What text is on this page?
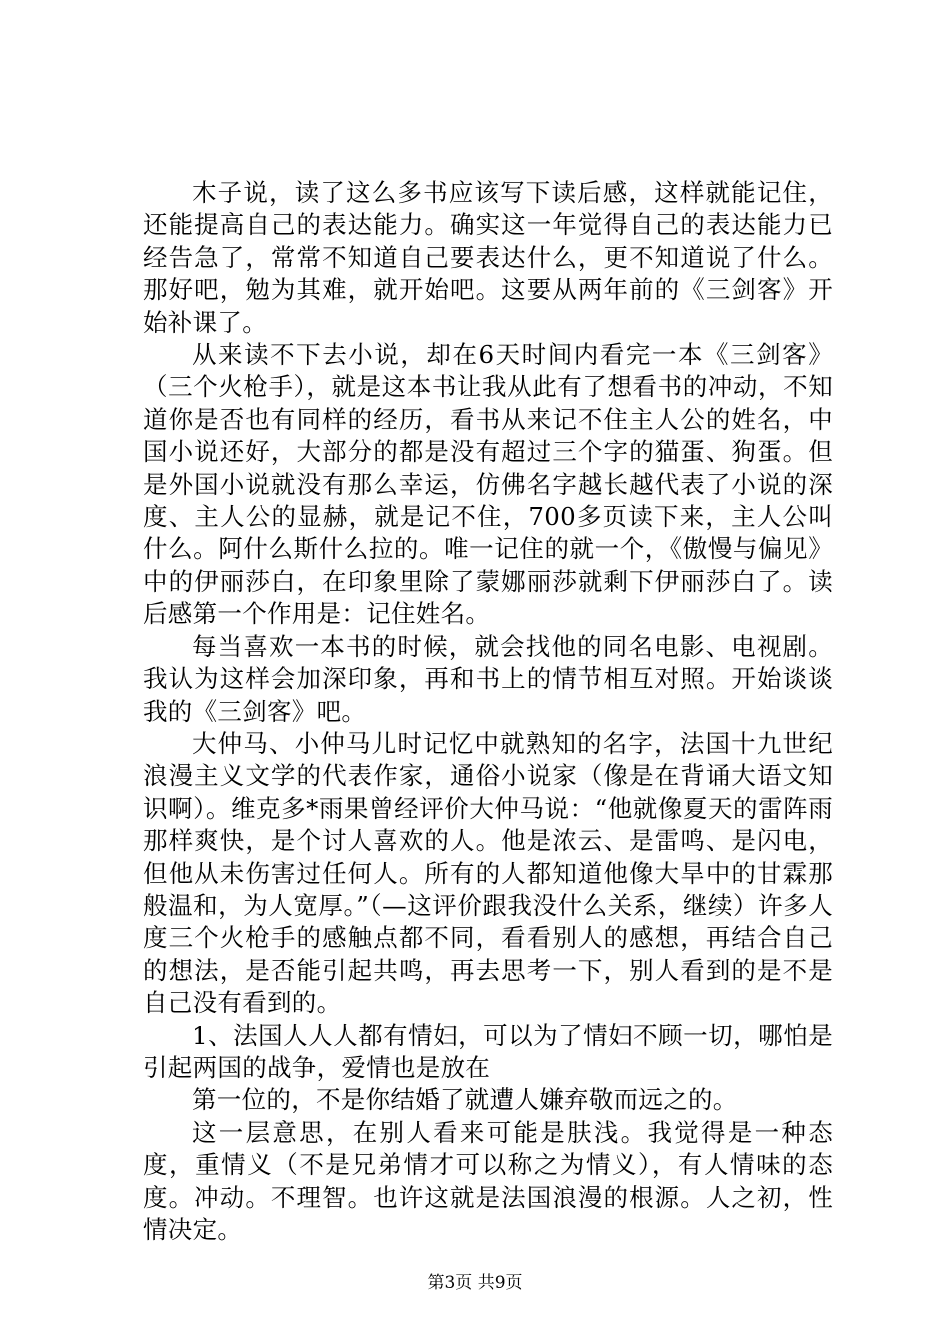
木子说，读了这么多书应该写下读后感，这样就能记住，还能提高自己的表达能力。确实这一年觉得自己的表达能力已经告急了，常常不知道自己要表达什么，更不知道说了什么。那好吧，勉为其难，就开始吧。这要从两年前的《三剑客》开始补课了。

从来读不下去小说，却在6天时间内看完一本《三剑客》（三个火枪手），就是这本书让我从此有了想看书的冲动，不知道你是否也有同样的经历，看书从来记不住主人公的姓名，中国小说还好，大部分的都是没有超过三个字的猫蛋、狗蛋。但是外国小说就没有那么幸运，仿佛名字越长越代表了小说的深度、主人公的显赫，就是记不住，700多页读下来，主人公叫什么。阿什么斯什么拉的。唯一记住的就一个，《傲慢与偏见》中的伊丽莎白，在印象里除了蒙娜丽莎就剩下伊丽莎白了。读后感第一个作用是：记住姓名。

每当喜欢一本书的时候，就会找他的同名电影、电视剧。我认为这样会加深印象，再和书上的情节相互对照。开始谈谈我的《三剑客》吧。

大仲马、小仲马儿时记忆中就熟知的名字，法国十九世纪浪漫主义文学的代表作家，通俗小说家（像是在背诵大语文知识啊）。维克多*雨果曾经评价大仲马说：“他就像夏天的雷阵雨那样爽快，是个讨人喜欢的人。他是浓云、是雷鸣、是闪电，但他从未伤害过任何人。所有的人都知道他像大旱中的甘霖那般温和，为人宽厚。”（—这评价跟我没什么关系，继续）许多人度三个火枪手的感触点都不同，看看别人的感想，再结合自己的想法，是否能引起共鸣，再去思考一下，别人看到的是不是自己没有看到的。

1、法国人人人都有情妇，可以为了情妇不顾一切，哪怕是引起两国的战争，爱情也是放在

第一位的，不是你结婚了就遭人嫌弃敬而远之的。

这一层意思，在别人看来可能是肤浅。我觉得是一种态度，重情义（不是兄弟情才可以称之为情义），有人情味的态度。冲动。不理智。也许这就是法国浪漫的根源。人之初，性情决定。

第3页 共9页
